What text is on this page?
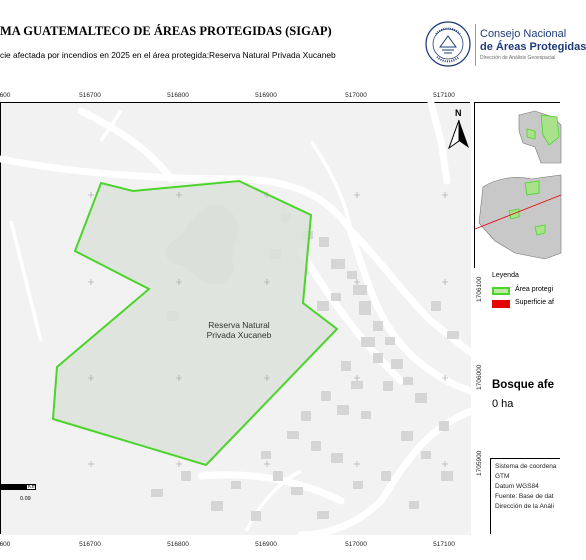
MA GUATEMALTECO DE ÁREAS PROTEGIDAS (SIGAP)
cie afectada por incendios en 2025 en el área protegida:Reserva Natural Privada Xucaneb
Consejo Nacional
de Áreas Protegidas
Dirección de Análisis Geoespacial
600	516700	516800	516900	517000	517100
600	516700	516800	516900	517000	517100
1706100
1706000
1705900
Reserva Natural
Privada Xucaneb
N
Km
0.09
Leyenda
Área protegi
Superficie af
Bosque afe
0 ha
Sistema de coordena
GTM
Datum WGS84
Fuente: Base de dat
Dirección de la Análi
